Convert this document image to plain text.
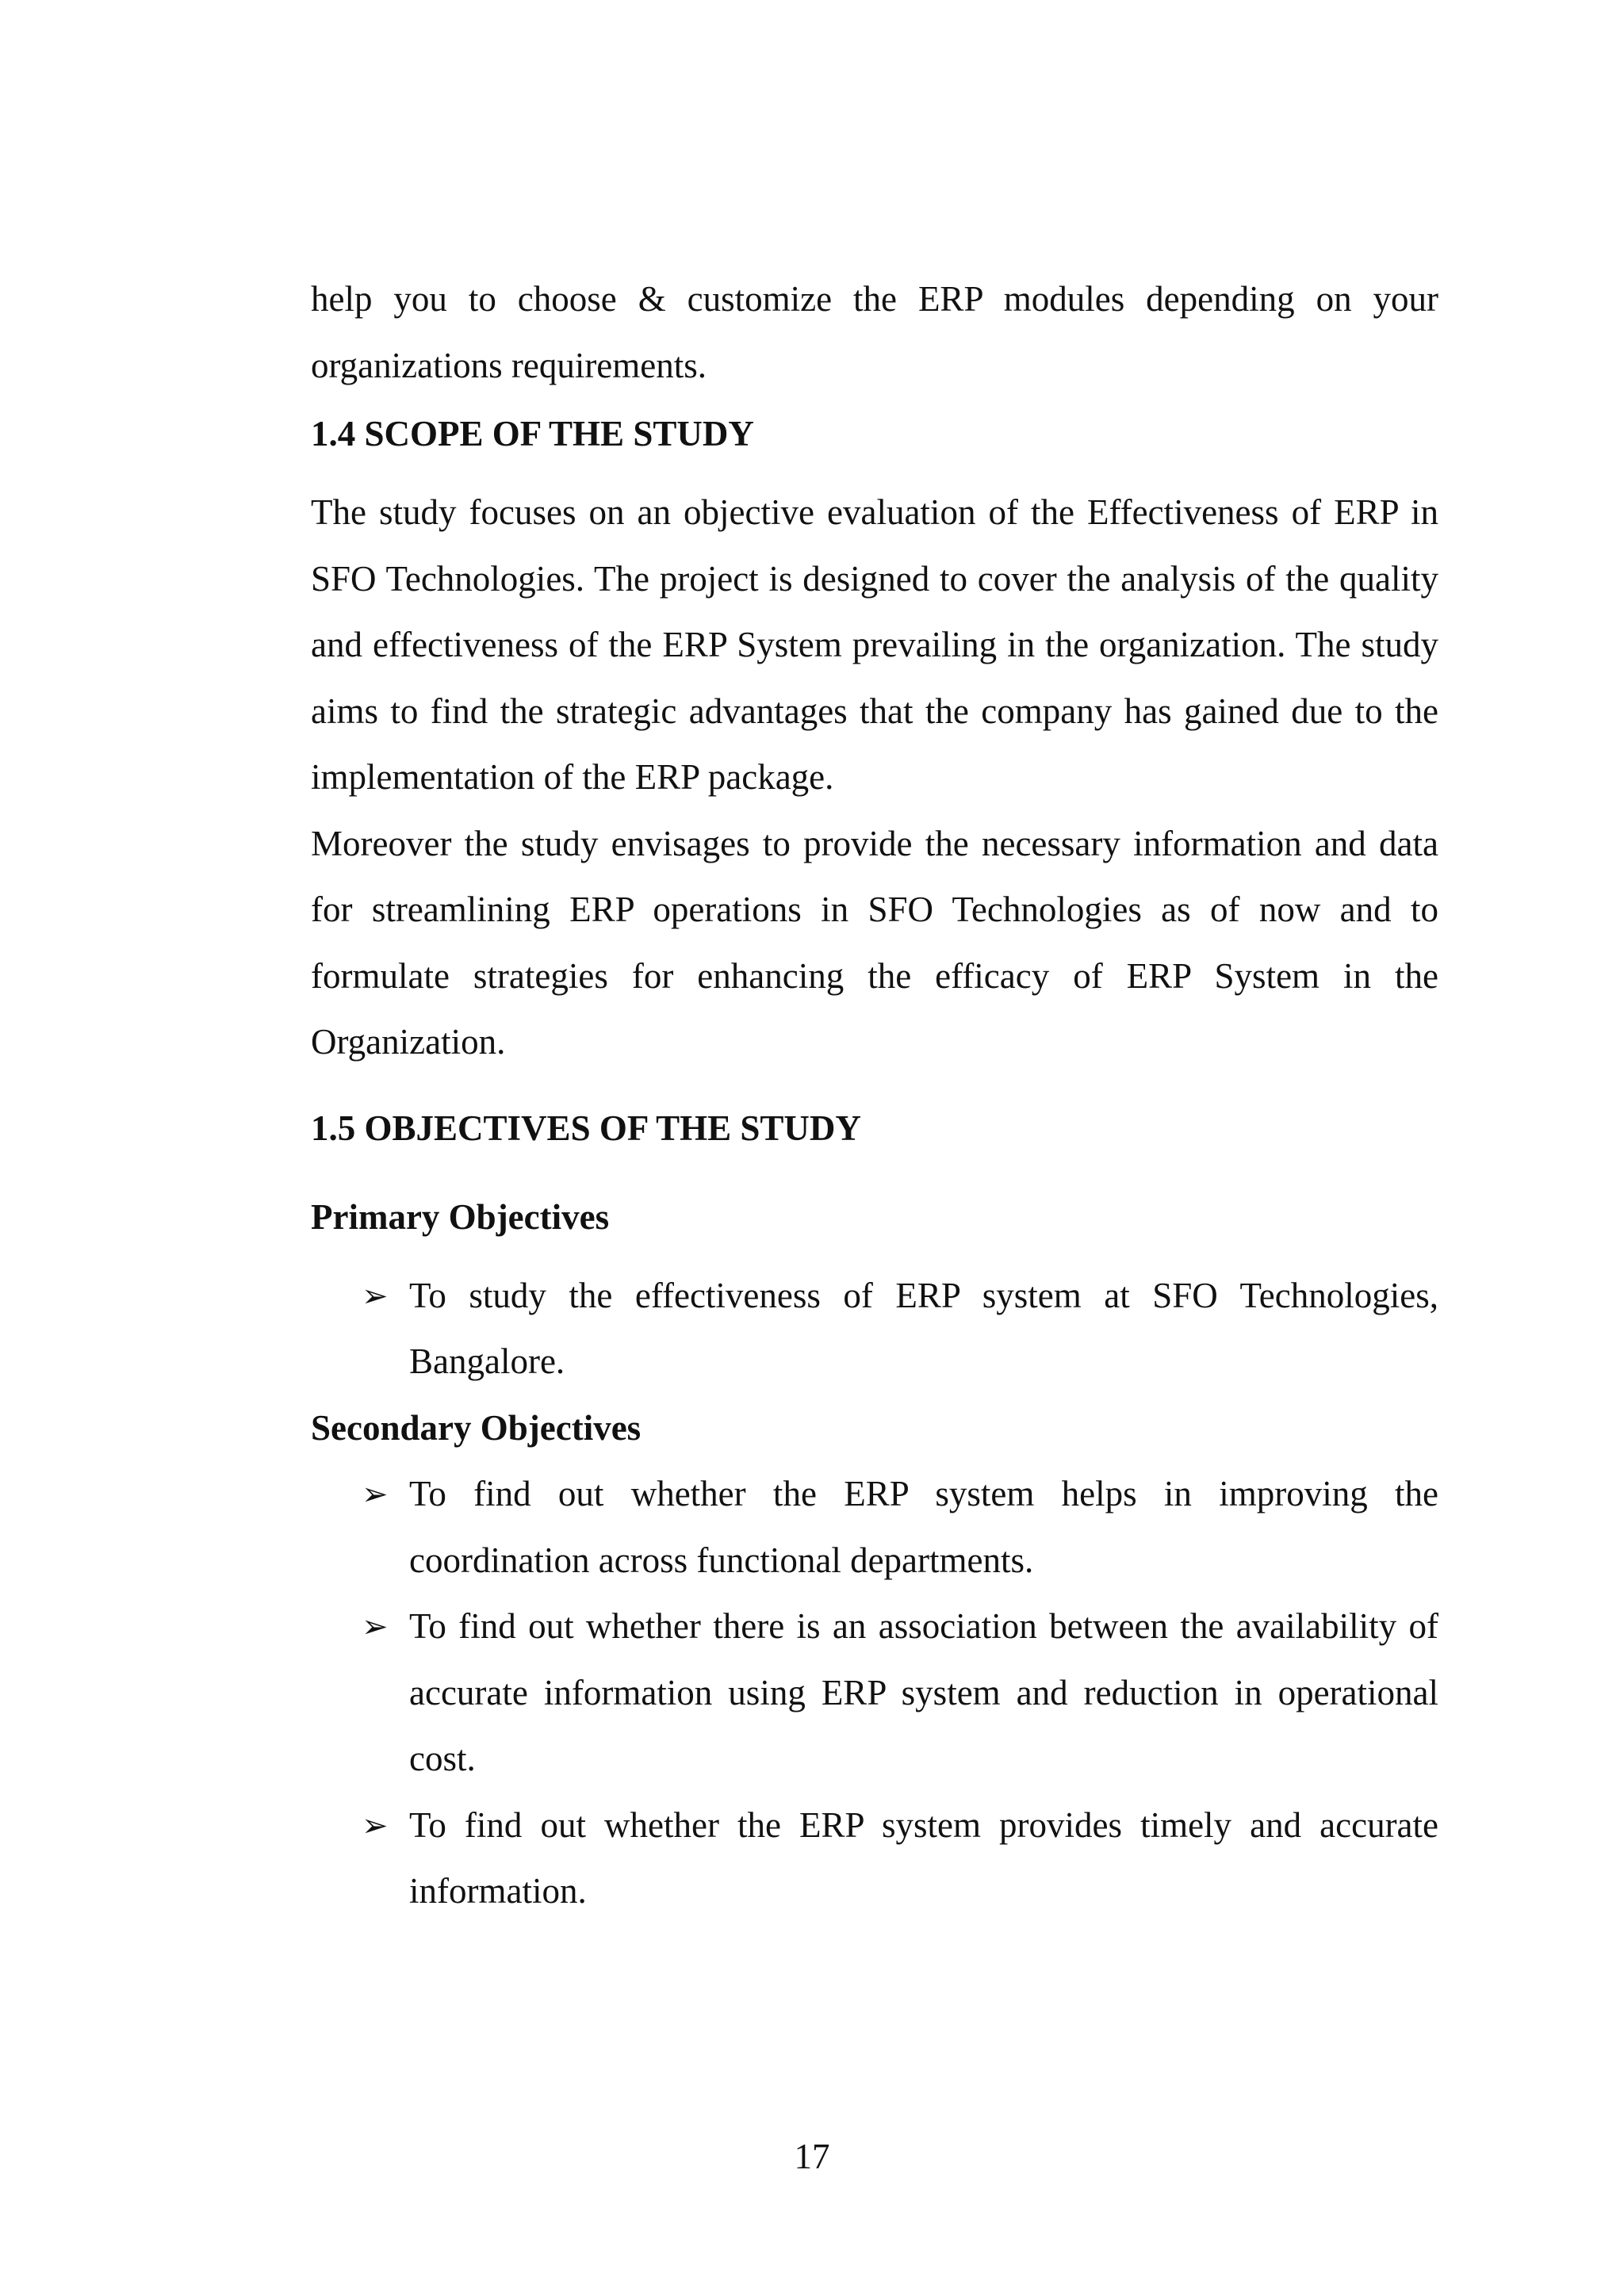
help you to choose & customize the ERP modules depending on your organizations requirements.

1.4 SCOPE OF THE STUDY

The study focuses on an objective evaluation of the Effectiveness of ERP in SFO Technologies. The project is designed to cover the analysis of the quality and effectiveness of the ERP System prevailing in the organization. The study aims to find the strategic advantages that the company has gained due to the implementation of the ERP package.

Moreover the study envisages to provide the necessary information and data for streamlining ERP operations in SFO Technologies as of now and to formulate strategies for enhancing the efficacy of ERP System in the Organization.

1.5 OBJECTIVES OF THE STUDY
Primary Objectives
➢ To study the effectiveness of ERP system at SFO Technologies, Bangalore.
Secondary Objectives
➢ To find out whether the ERP system helps in improving the coordination across functional departments.
➢ To find out whether there is an association between the availability of accurate information using ERP system and reduction in operational cost.
➢ To find out whether the ERP system provides timely and accurate information.
17
